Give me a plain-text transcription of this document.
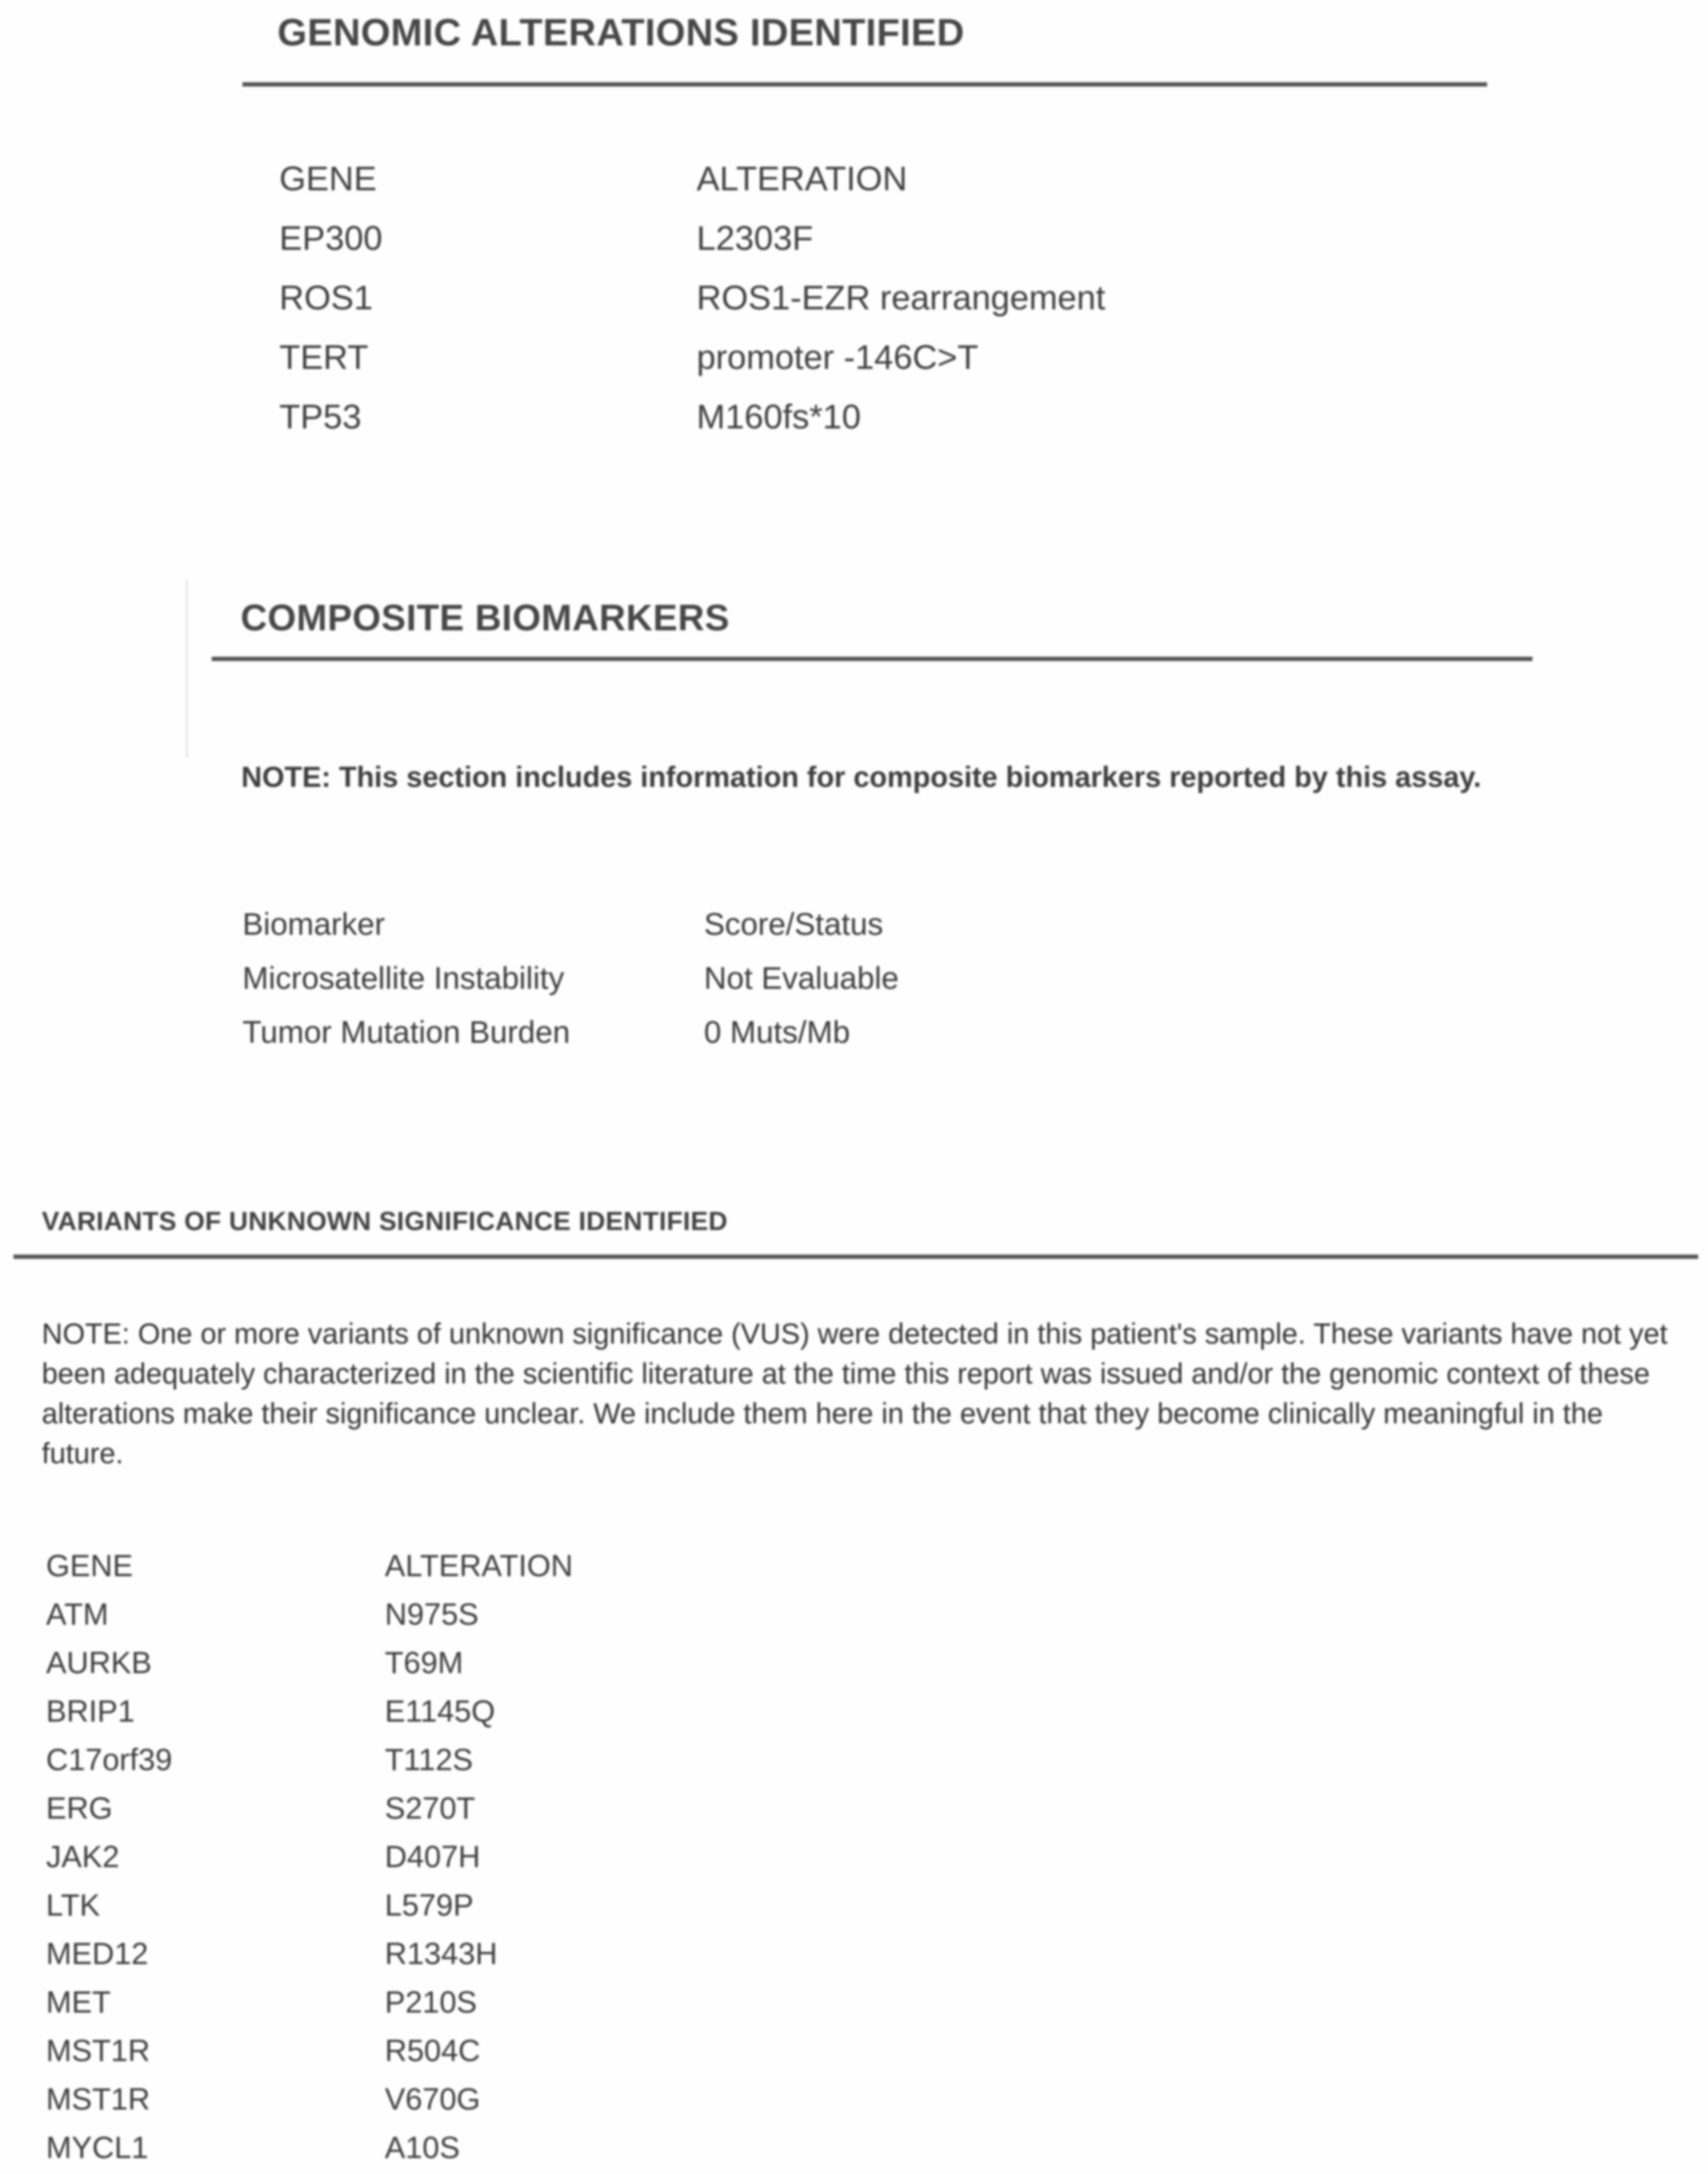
GENOMIC ALTERATIONS IDENTIFIED
GENE	ALTERATION
EP300	L2303F
ROS1	ROS1-EZR rearrangement
TERT	promoter -146C>T
TP53	M160fs*10
COMPOSITE BIOMARKERS
NOTE: This section includes information for composite biomarkers reported by this assay.
Biomarker	Score/Status
Microsatellite Instability	Not Evaluable
Tumor Mutation Burden	0 Muts/Mb
VARIANTS OF UNKNOWN SIGNIFICANCE IDENTIFIED
NOTE: One or more variants of unknown significance (VUS) were detected in this patient's sample. These variants have not yet been adequately characterized in the scientific literature at the time this report was issued and/or the genomic context of these alterations make their significance unclear. We include them here in the event that they become clinically meaningful in the future.
GENE	ALTERATION
ATM	N975S
AURKB	T69M
BRIP1	E1145Q
C17orf39	T112S
ERG	S270T
JAK2	D407H
LTK	L579P
MED12	R1343H
MET	P210S
MST1R	R504C
MST1R	V670G
MYCL1	A10S
